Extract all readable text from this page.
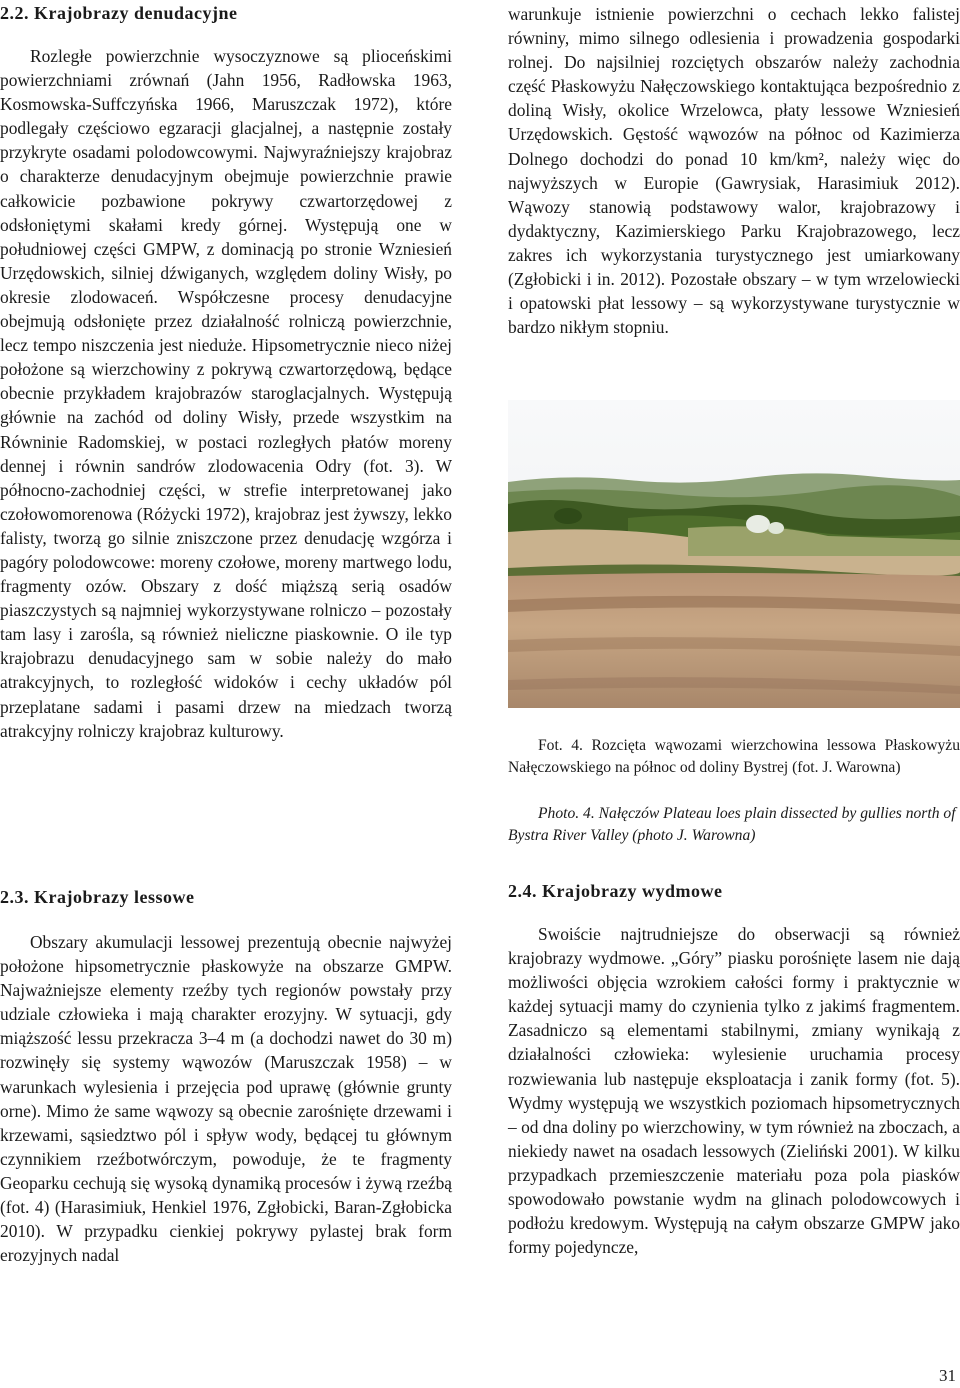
2.2. Krajobrazy denudacyjne

Rozległe powierzchnie wysoczyznowe są plioceńskimi powierzchniami zrównań (Jahn 1956, Radłowska 1963, Kosmowska-Suffczyńska 1966, Maruszczak 1972), które podlegały częściowo egzaracji glacjalnej, a następnie zostały przykryte osadami polodowcowymi. Najwyraźniejszy krajobraz o charakterze denudacyjnym obejmuje powierzchnie prawie całkowicie pozbawione pokrywy czwartorzędowej z odsłoniętymi skałami kredy górnej. Występują one w południowej części GMPW, z dominacją po stronie Wzniesień Urzędowskich, silniej dźwiganych, względem doliny Wisły, po okresie zlodowaceń. Współczesne procesy denudacyjne obejmują odsłonięte przez działalność rolniczą powierzchnie, lecz tempo niszczenia jest nieduże. Hipsometrycznie nieco niżej położone są wierzchowiny z pokrywą czwartorzędową, będące obecnie przykładem krajobrazów staroglacjalnych. Występują głównie na zachód od doliny Wisły, przede wszystkim na Równinie Radomskiej, w postaci rozległych płatów moreny dennej i równin sandrów zlodowacenia Odry (fot. 3). W północno-zachodniej części, w strefie interpretowanej jako czołowomorenowa (Różycki 1972), krajobraz jest żywszy, lekko falisty, tworzą go silnie zniszczone przez denudację wzgórza i pagóry polodowcowe: moreny czołowe, moreny martwego lodu, fragmenty ozów. Obszary z dość miąższą serią osadów piaszczystych są najmniej wykorzystywane rolniczo – pozostały tam lasy i zarośla, są również nieliczne piaskownie. O ile typ krajobrazu denudacyjnego sam w sobie należy do mało atrakcyjnych, to rozległość widoków i cechy układów pól przeplatane sadami i pasami drzew na miedzach tworzą atrakcyjny rolniczy krajobraz kulturowy.

2.3. Krajobrazy lessowe

Obszary akumulacji lessowej prezentują obecnie najwyżej położone hipsometrycznie płaskowyże na obszarze GMPW. Najważniejsze elementy rzeźby tych regionów powstały przy udziale człowieka i mają charakter erozyjny. W sytuacji, gdy miąższość lessu przekracza 3–4 m (a dochodzi nawet do 30 m) rozwinęły się systemy wąwozów (Maruszczak 1958) – w warunkach wylesienia i przejęcia pod uprawę (głównie grunty orne). Mimo że same wąwozy są obecnie zarośnięte drzewami i krzewami, sąsiedztwo pól i spływ wody, będącej tu głównym czynnikiem rzeźbotwórczym, powoduje, że te fragmenty Geoparku cechują się wysoką dynamiką procesów i żywą rzeźbą (fot. 4) (Harasimiuk, Henkiel 1976, Zgłobicki, Baran-Zgłobicka 2010). W przypadku cienkiej pokrywy pylastej brak form erozyjnych nadal

warunkuje istnienie powierzchni o cechach lekko falistej równiny, mimo silnego odlesienia i prowadzenia gospodarki rolnej. Do najsilniej rozciętych obszarów należy zachodnia część Płaskowyżu Nałęczowskiego kontaktująca bezpośrednio z doliną Wisły, okolice Wrzelowca, płaty lessowe Wzniesień Urzędowskich. Gęstość wąwozów na północ od Kazimierza Dolnego dochodzi do ponad 10 km/km², należy więc do najwyższych w Europie (Gawrysiak, Harasimiuk 2012). Wąwozy stanowią podstawowy walor, krajobrazowy i dydaktyczny, Kazimierskiego Parku Krajobrazowego, lecz zakres ich wykorzystania turystycznego jest umiarkowany (Zgłobicki i in. 2012). Pozostałe obszary – w tym wrzelowiecki i opatowski płat lessowy – są wykorzystywane turystycznie w bardzo nikłym stopniu.

Fot. 4. Rozcięta wąwozami wierzchowina lessowa Płaskowyżu Nałęczowskiego na północ od doliny Bystrej (fot. J. Warowna)

Photo. 4. Nałęczów Plateau loes plain dissected by gullies north of Bystra River Valley (photo J. Warowna)

2.4. Krajobrazy wydmowe

Swoiście najtrudniejsze do obserwacji są również krajobrazy wydmowe. „Góry” piasku porośnięte lasem nie dają możliwości objęcia wzrokiem całości formy i praktycznie w każdej sytuacji mamy do czynienia tylko z jakimś fragmentem. Zasadniczo są elementami stabilnymi, zmiany wynikają z działalności człowieka: wylesienie uruchamia procesy rozwiewania lub następuje eksploatacja i zanik formy (fot. 5). Wydmy występują we wszystkich poziomach hipsometrycznych – od dna doliny po wierzchowiny, w tym również na zboczach, a niekiedy nawet na osadach lessowych (Zieliński 2001). W kilku przypadkach przemieszczenie materiału poza pola piasków spowodowało powstanie wydm na glinach polodowcowych i podłożu kredowym. Występują na całym obszarze GMPW jako formy pojedyncze,

31
